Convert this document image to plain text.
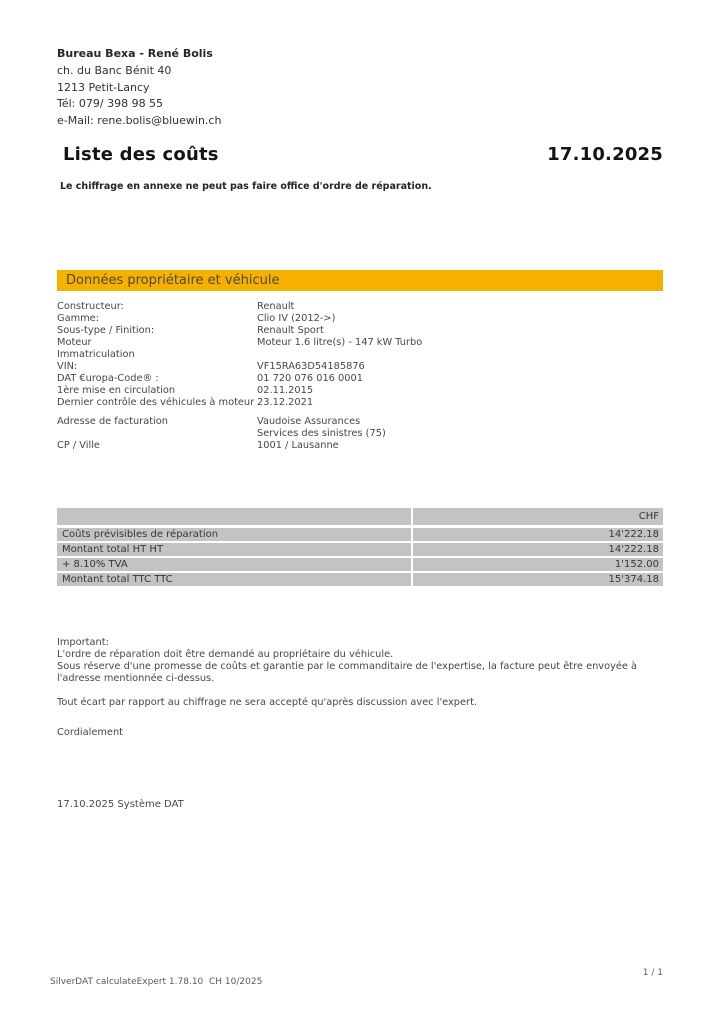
Bureau Bexa - René Bolis
ch. du Banc Bénit 40
1213 Petit-Lancy
Tél: 079/ 398 98 55
e-Mail: rene.bolis@bluewin.ch
Liste des coûts	17.10.2025
Le chiffrage en annexe ne peut pas faire office d'ordre de réparation.
Données propriétaire et véhicule
Constructeur:	Renault
Gamme:	Clio IV (2012->)
Sous-type / Finition:	Renault Sport
Moteur	Moteur 1.6 litre(s) - 147 kW Turbo
Immatriculation
VIN:	VF15RA63D54185876
DAT €uropa-Code® :	01 720 076 016 0001
1ère mise en circulation	02.11.2015
Dernier contrôle des véhicules à moteur 23.12.2021
Adresse de facturation	Vaudoise Assurances
Services des sinistres (75)
CP / Ville	1001 / Lausanne
CHF
Coûts prévisibles de réparation	14'222.18
Montant total HT HT	14'222.18
+ 8.10% TVA	1'152.00
Montant total TTC TTC	15'374.18

Important:

L'ordre de réparation doit être demandé au propriétaire du véhicule.

Sous réserve d'une promesse de coûts et garantie par le commanditaire de l'expertise, la facture peut être envoyée à l'adresse mentionnée ci-dessus.

Tout écart par rapport au chiffrage ne sera accepté qu'après discussion avec l'expert.

Cordialement

17.10.2025 Système DAT
SilverDAT calculateExpert 1.78.10  CH 10/2025
1 / 1
